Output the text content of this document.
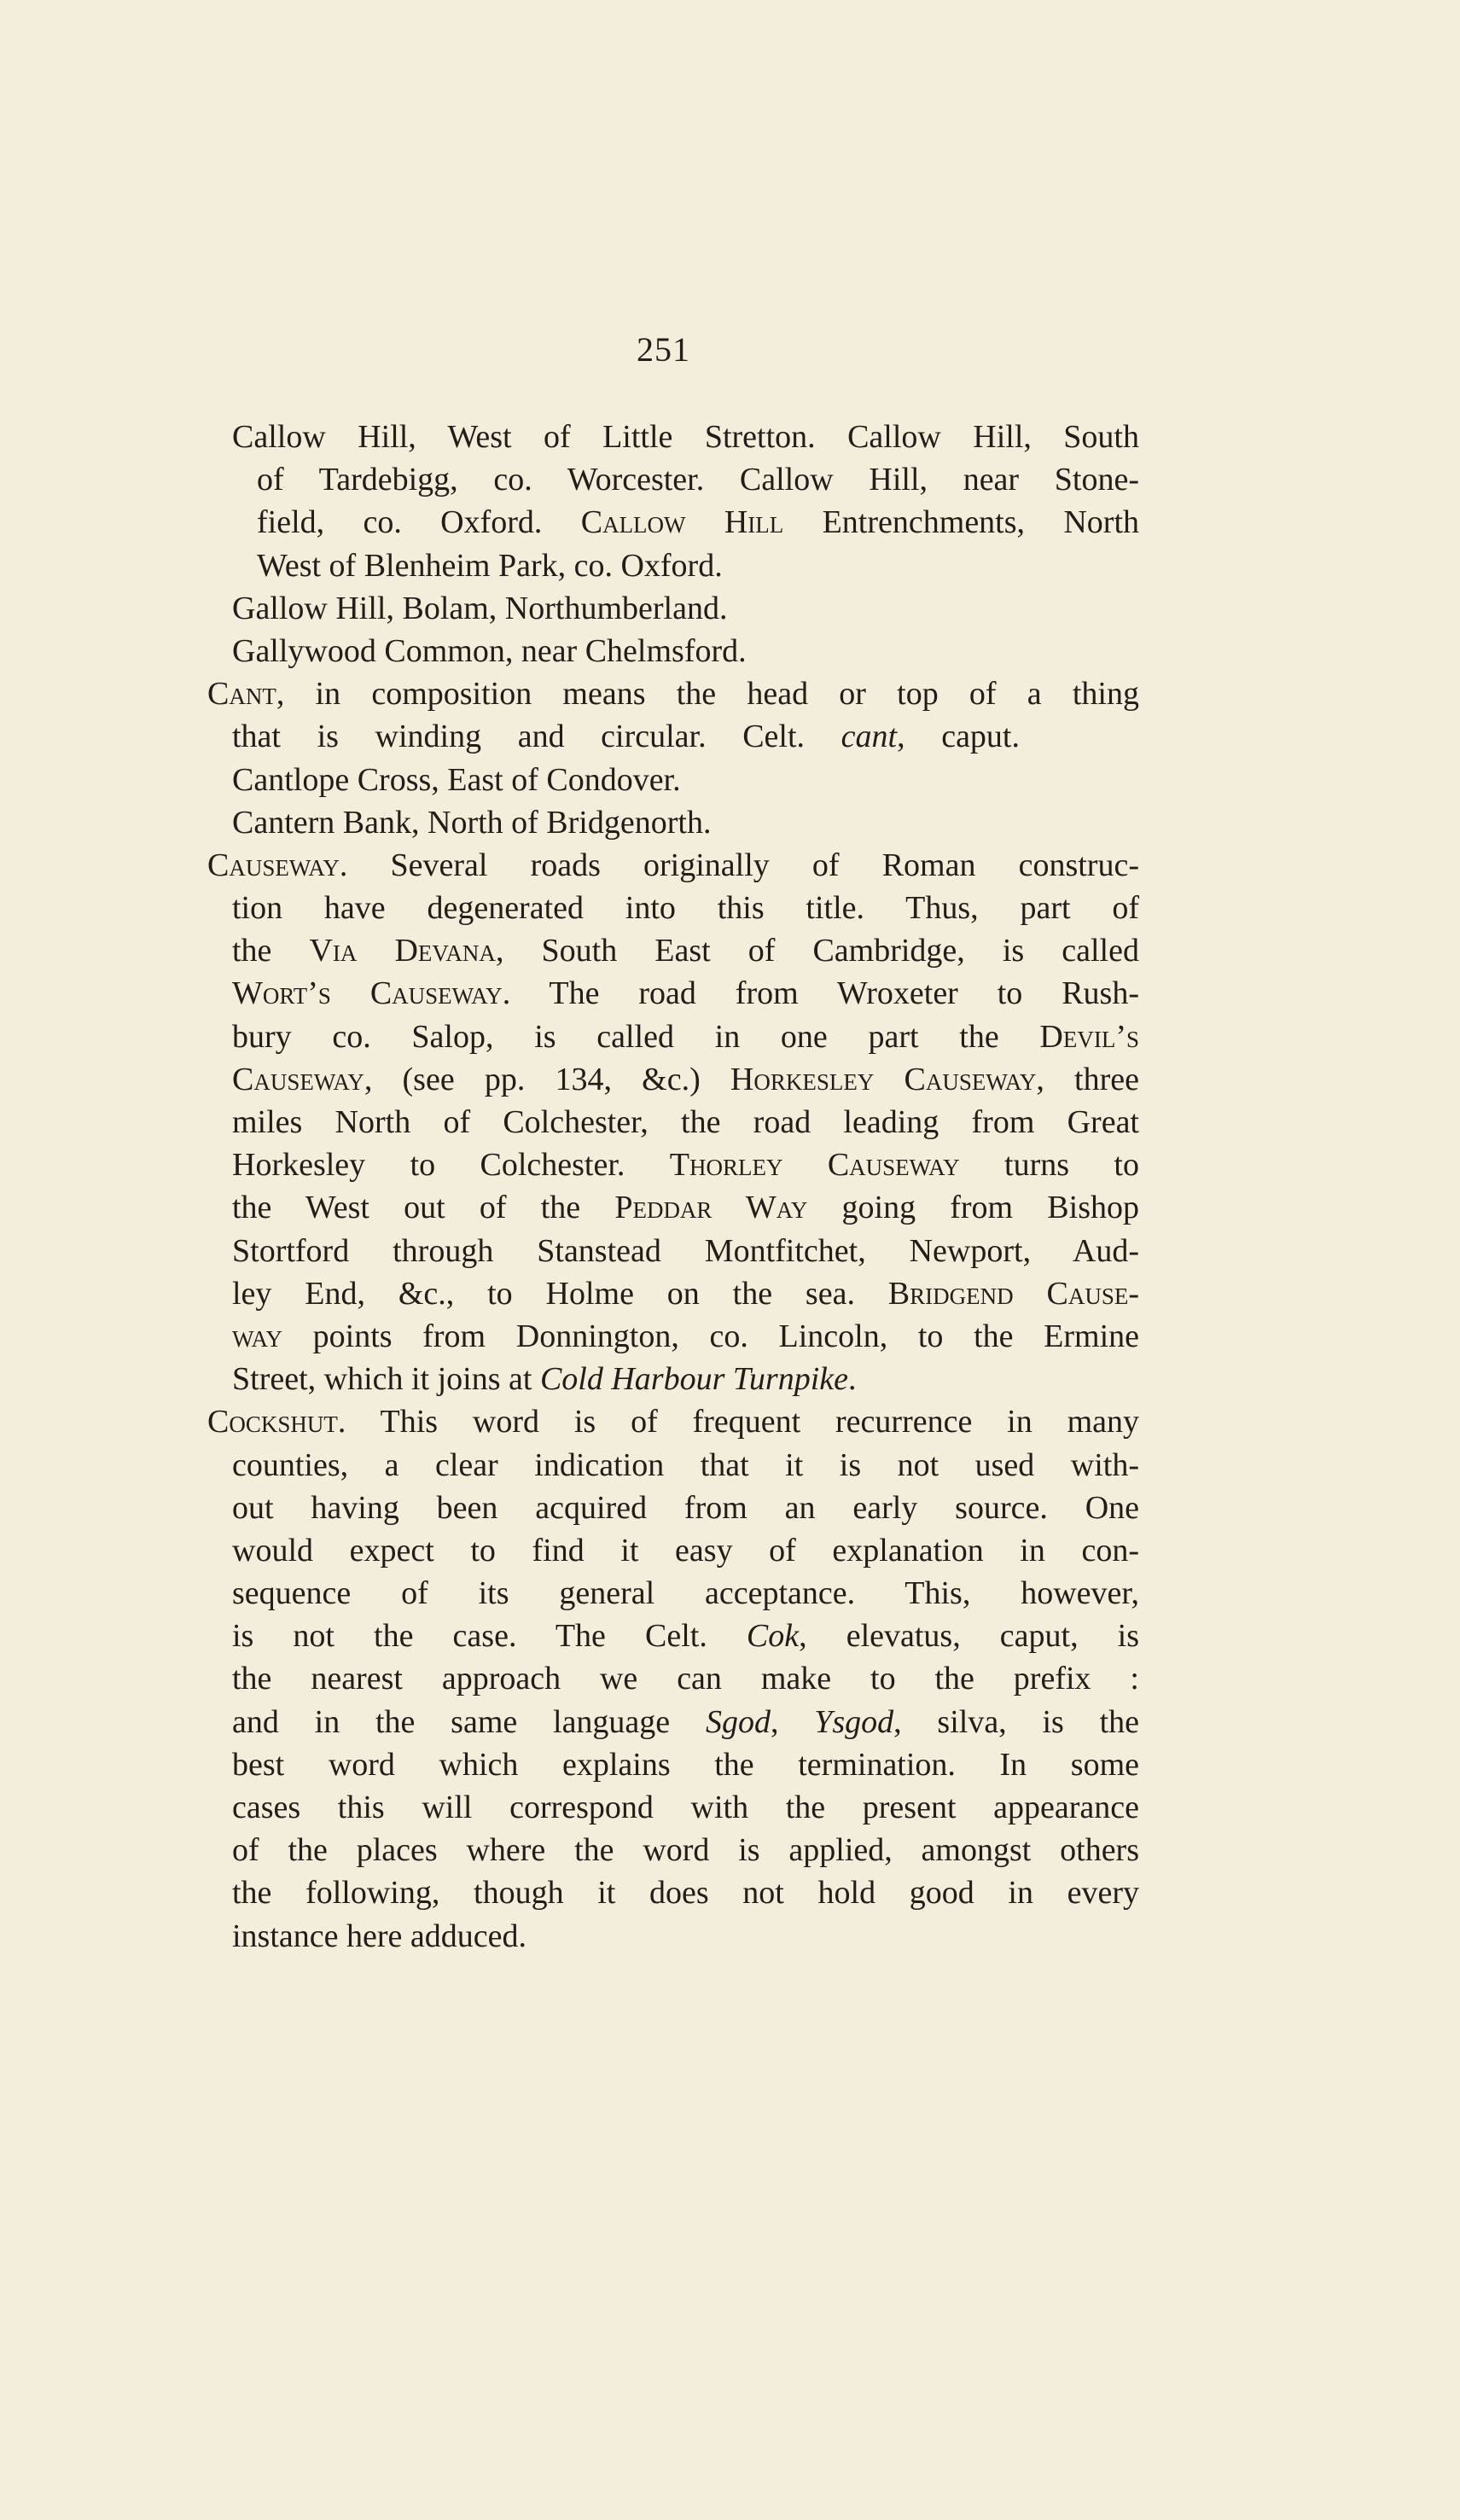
251
Callow Hill, West of Little Stretton. Callow Hill, South
of Tardebigg, co. Worcester. Callow Hill, near Stone-
field, co. Oxford. Callow Hill Entrenchments, North
West of Blenheim Park, co. Oxford.
Gallow Hill, Bolam, Northumberland.
Gallywood Common, near Chelmsford.
Cant, in composition means the head or top of a thing
that is winding and circular. Celt. cant, caput.
Cantlope Cross, East of Condover.
Cantern Bank, North of Bridgenorth.
Causeway. Several roads originally of Roman construc-
tion have degenerated into this title. Thus, part of
the Via Devana, South East of Cambridge, is called
Wort’s Causeway. The road from Wroxeter to Rush-
bury co. Salop, is called in one part the Devil’s
Causeway, (see pp. 134, &c.) Horkesley Causeway, three
miles North of Colchester, the road leading from Great
Horkesley to Colchester. Thorley Causeway turns to
the West out of the Peddar Way going from Bishop
Stortford through Stanstead Montfitchet, Newport, Aud-
ley End, &c., to Holme on the sea. Bridgend Cause-
way points from Donnington, co. Lincoln, to the Ermine
Street, which it joins at Cold Harbour Turnpike.
Cockshut. This word is of frequent recurrence in many
counties, a clear indication that it is not used with-
out having been acquired from an early source. One
would expect to find it easy of explanation in con-
sequence of its general acceptance. This, however,
is not the case. The Celt. Cok, elevatus, caput, is
the nearest approach we can make to the prefix :
and in the same language Sgod, Ysgod, silva, is the
best word which explains the termination. In some
cases this will correspond with the present appearance
of the places where the word is applied, amongst others
the following, though it does not hold good in every
instance here adduced.
